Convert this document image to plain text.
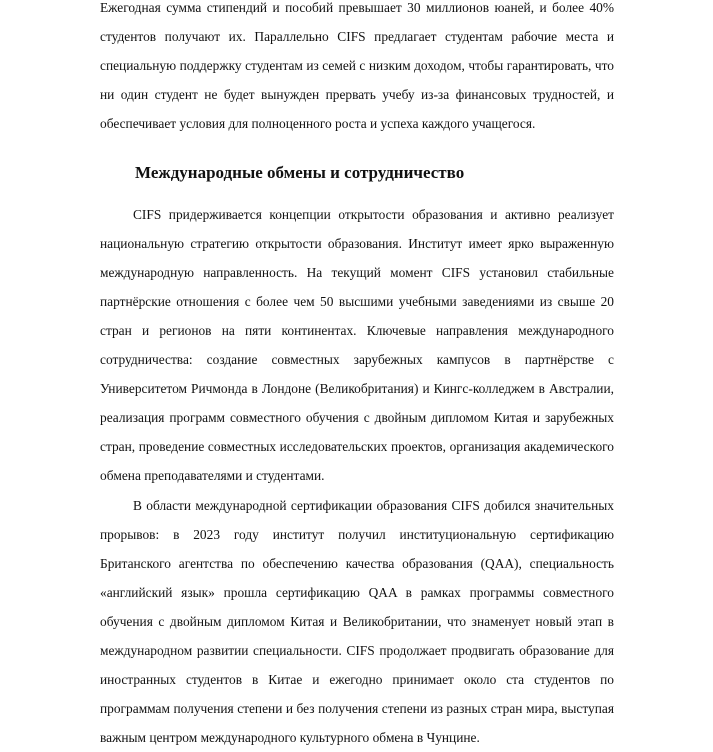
Ежегодная сумма стипендий и пособий превышает 30 миллионов юаней, и более 40% студентов получают их. Параллельно CIFS предлагает студентам рабочие места и специальную поддержку студентам из семей с низким доходом, чтобы гарантировать, что ни один студент не будет вынужден прервать учебу из-за финансовых трудностей, и обеспечивает условия для полноценного роста и успеха каждого учащегося.

Международные обмены и сотрудничество

CIFS придерживается концепции открытости образования и активно реализует национальную стратегию открытости образования. Институт имеет ярко выраженную международную направленность. На текущий момент CIFS установил стабильные партнёрские отношения с более чем 50 высшими учебными заведениями из свыше 20 стран и регионов на пяти континентах. Ключевые направления международного сотрудничества: создание совместных зарубежных кампусов в партнёрстве с Университетом Ричмонда в Лондоне (Великобритания) и Кингс-колледжем в Австралии, реализация программ совместного обучения с двойным дипломом Китая и зарубежных стран, проведение совместных исследовательских проектов, организация академического обмена преподавателями и студентами.

В области международной сертификации образования CIFS добился значительных прорывов: в 2023 году институт получил институциональную сертификацию Британского агентства по обеспечению качества образования (QAA), специальность «английский язык» прошла сертификацию QAA в рамках программы совместного обучения с двойным дипломом Китая и Великобритании, что знаменует новый этап в международном развитии специальности. CIFS продолжает продвигать образование для иностранных студентов в Китае и ежегодно принимает около ста студентов по программам получения степени и без получения степени из разных стран мира, выступая важным центром международного культурного обмена в Чунцине.
